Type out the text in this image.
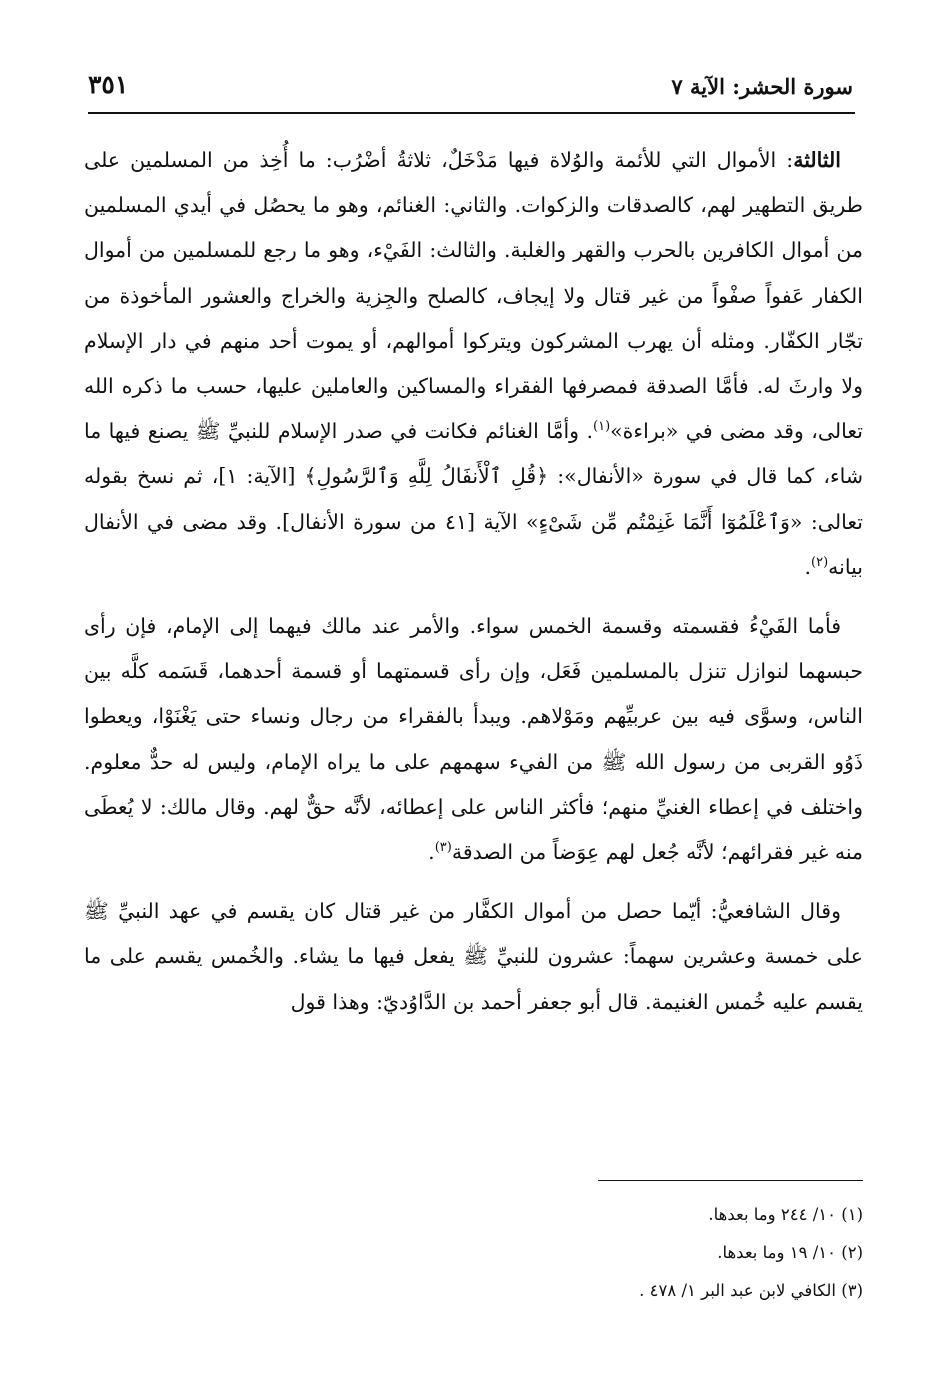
سورة الحشر: الآية ٧
٣٥١

الثالثة: الأموال التي للأئمة والوُلاة فيها مَدْخَلٌ، ثلاثةُ أضْرُب: ما أُخِذ من المسلمين على طريق التطهير لهم، كالصدقات والزكوات. والثاني: الغنائم، وهو ما يحصُل في أيدي المسلمين من أموال الكافرين بالحرب والقهر والغلبة. والثالث: الفَيْء، وهو ما رجع للمسلمين من أموال الكفار عَفواً صفْواً من غير قتال ولا إيجاف، كالصلح والجِزية والخراج والعشور المأخوذة من تجّار الكفّار. ومثله أن يهرب المشركون ويتركوا أموالهم، أو يموت أحد منهم في دار الإسلام ولا وارثَ له. فأمَّا الصدقة فمصرفها الفقراء والمساكين والعاملين عليها، حسب ما ذكره الله تعالى، وقد مضى في «براءة»$^{(١)}$. وأمَّا الغنائم فكانت في صدر الإسلام للنبيِّ ﷺ يصنع فيها ما شاء، كما قال في سورة «الأنفال»: ﴿قُلِ ٱلْأَنفَالُ لِلَّهِ وَٱلرَّسُولِ﴾ [الآية: ١]، ثم نسخ بقوله تعالى: «وَٱعْلَمُوٓا أَنَّمَا غَنِمْتُم مِّن شَىْءٍ» الآية [٤١ من سورة الأنفال]. وقد مضى في الأنفال بيانه$^{(٢)}$.

فأما الفَيْءُ فقسمته وقسمة الخمس سواء. والأمر عند مالك فيهما إلى الإمام، فإن رأى حبسهما لنوازل تنزل بالمسلمين فَعَل، وإن رأى قسمتهما أو قسمة أحدهما، قَسَمه كلَّه بين الناس، وسوَّى فيه بين عربيِّهم ومَوْلاهم. ويبدأ بالفقراء من رجال ونساء حتى يَغْنَوْا، ويعطوا ذَوُو القربى من رسول الله ﷺ من الفيء سهمهم على ما يراه الإمام، وليس له حدٌّ معلوم. واختلف في إعطاء الغنيِّ منهم؛ فأكثر الناس على إعطائه، لأنَّه حقٌّ لهم. وقال مالك: لا يُعطَى منه غير فقرائهم؛ لأنَّه جُعل لهم عِوَضاً من الصدقة$^{(٣)}$.

وقال الشافعيُّ: أيّما حصل من أموال الكفَّار من غير قتال كان يقسم في عهد النبيِّ ﷺ على خمسة وعشرين سهماً: عشرون للنبيِّ ﷺ يفعل فيها ما يشاء. والخُمس يقسم على ما يقسم عليه خُمس الغنيمة. قال أبو جعفر أحمد بن الدَّاوُديّ: وهذا قول

(١) ١٠/ ٢٤٤ وما بعدها.

(٢) ١٠/ ١٩ وما بعدها.

(٣) الكافي لابن عبد البر ١/ ٤٧٨ .
